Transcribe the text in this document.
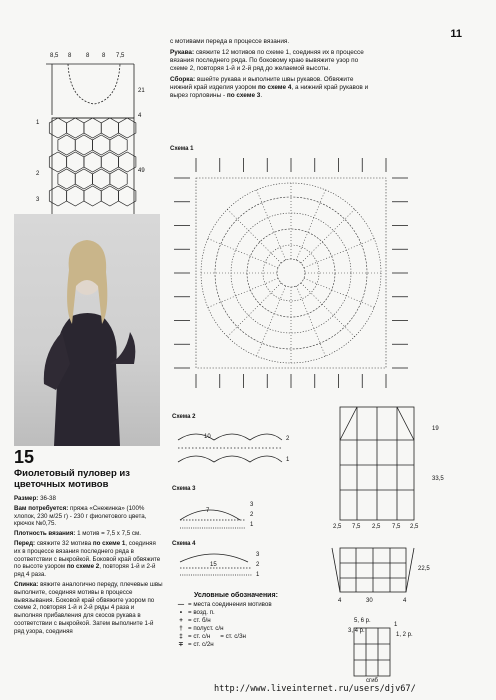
11

с мотивами переда в процессе вязания.

Рукава: свяжите 12 мотивов по схеме 1, соединяя их в процессе вязания последнего ряда. По боковому краю вывяжите узор по схеме 2, повторяя 1-й и 2-й ряд до желаемой высоты.

Сборка: вшейте рукава и выполните швы рукавов. Обвяжите нижний край изделия узором по схеме 4, а нижний край рукавов и вырез горловины - по схеме 3.

Схема 1
Схема 2
Схема 3
Схема 4
8,5 8 8 8 7,5
21
4
49
1
2
3
10	2
1
3
2
1
7
3
2
1
15
19
33,5
2,5 7,5 2,5 7,5 2,5
22,5
4	30	4
1
1, 2 р.
5, 6 р.
3, 4 р.
сгиб
15
Фиолетовый пуловер из цветочных мотивов

Размер: 36-38

Вам потребуется: пряжа «Снежинка» (100% хлопок, 230 м/25 г) - 230 г фиолетового цвета, крючок №0,75.

Плотность вязания: 1 мотив = 7,5 х 7,5 см.

Перед: свяжите 32 мотива по схеме 1, соединяя их в процессе вязания последнего ряда в соответствии с выкройкой. Боковой край обвяжите по высоте узором по схеме 2, повторяя 1-й и 2-й ряд 4 раза.

Спинка: вяжите аналогично переду, плечевые швы выполните, соединяя мотивы в процессе вывязывания. Боковой край обвяжите узором по схеме 2, повторяя 1-й и 2-й ряды 4 раза и выполняя прибавления для скосов рукава в соответствии с выкройкой. Затем выполните 1-й ряд узора, соединяя

Условные обозначения:
— = места соединения мотивов
• = возд. п.
+ = ст. б/н
† = полуст. с/н
‡ = ст. с/н = ст. с/3н
∓ = ст. с/2н
http://www.liveinternet.ru/users/djv67/
